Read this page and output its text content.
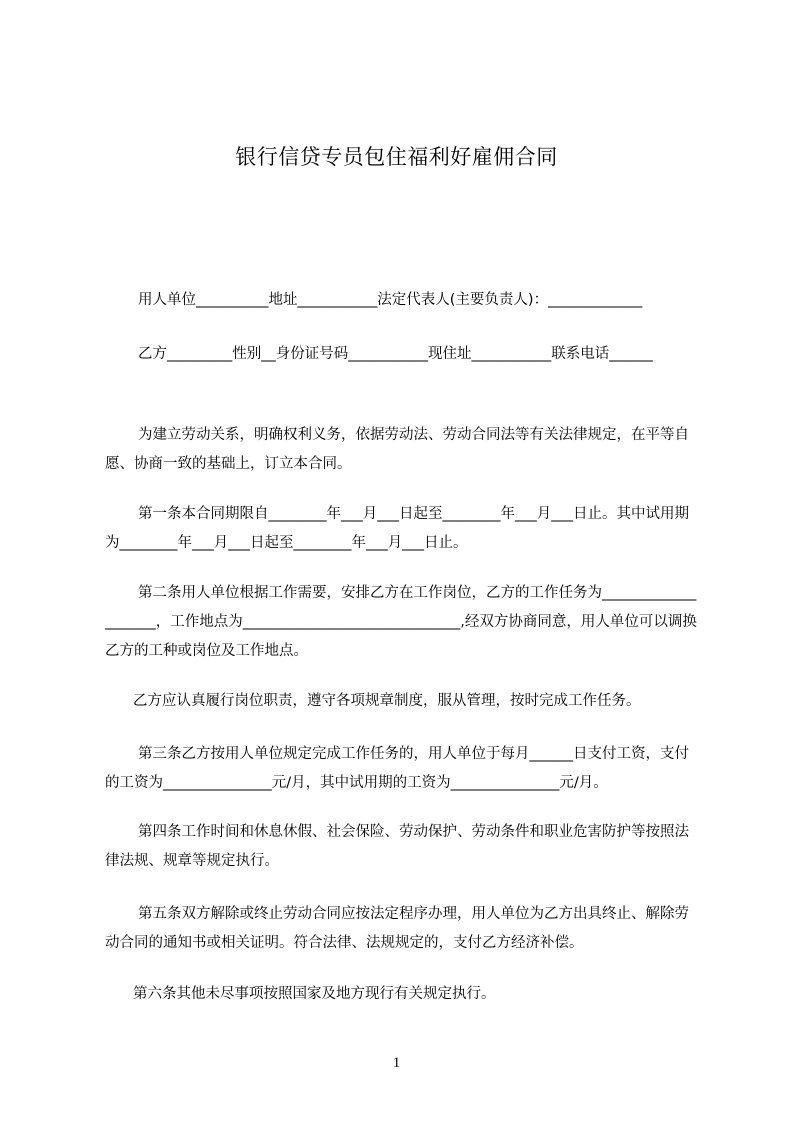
银行信贷专员包住福利好雇佣合同
用人单位__________地址___________法定代表人(主要负责人)：_____________
乙方_________性别__身份证号码___________现住址___________联系电话______
为建立劳动关系，明确权利义务，依据劳动法、劳动合同法等有关法律规定，在平等自愿、协商一致的基础上，订立本合同。
第一条本合同期限自________年___月___日起至________年___月___日止。其中试用期为________年___月___日起至________年___月___日止。
第二条用人单位根据工作需要，安排乙方在工作岗位，乙方的工作任务为____________________，工作地点为______________________________,经双方协商同意，用人单位可以调换乙方的工种或岗位及工作地点。
乙方应认真履行岗位职责，遵守各项规章制度，服从管理，按时完成工作任务。
第三条乙方按用人单位规定完成工作任务的，用人单位于每月______日支付工资，支付的工资为_______________元/月，其中试用期的工资为_______________元/月。
第四条工作时间和休息休假、社会保险、劳动保护、劳动条件和职业危害防护等按照法律法规、规章等规定执行。
第五条双方解除或终止劳动合同应按法定程序办理，用人单位为乙方出具终止、解除劳动合同的通知书或相关证明。符合法律、法规规定的，支付乙方经济补偿。
第六条其他未尽事项按照国家及地方现行有关规定执行。
1
